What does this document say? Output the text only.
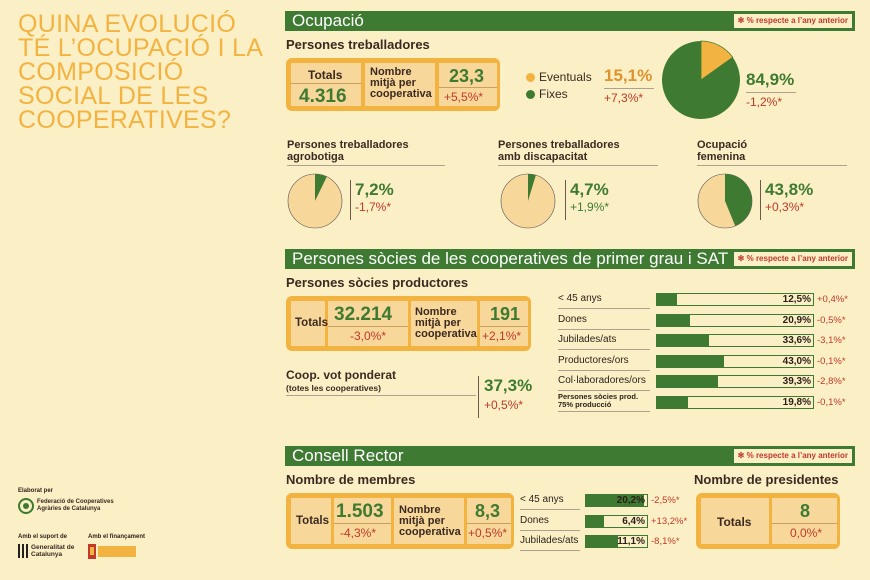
QUINA EVOLUCIÓ TÉ L’OCUPACIÓ I LA COMPOSICIÓ SOCIAL DE LES COOPERATIVES?
Ocupació	✻ % respecte a l’any anterior
Persones treballadores
Totals
4.316
Nombre mitjà per cooperativa
23,3
+5,5%*
Eventuals
Fixes
15,1%
+7,3%*
84,9%
-1,2%*
Persones treballadores agrobotiga
7,2%
-1,7%*
Persones treballadores amb discapacitat
4,7%
+1,9%*
Ocupació femenina
43,8%
+0,3%*
Persones sòcies de les cooperatives de primer grau i SAT	✻ % respecte a l’any anterior
Persones sòcies productores
Totals 32.214
-3,0%*
Nombre mitjà per cooperativa
191
+2,1%*
Coop. vot ponderat
(totes les cooperatives)	37,3%
+0,5%*
< 45 anys	12,5% +0,4%*
Dones	20,9% -0,5%*
Jubilades/ats	33,6% -3,1%*
Productores/ors	43,0% -0,1%*
Col·laboradores/ors	39,3% -2,8%*
Persones sòcies prod. 75% producció	19,8% -0,1%*
Consell Rector	✻ % respecte a l’any anterior
Nombre de membres
Totals 1.503
-4,3%*
Nombre mitjà per cooperativa
8,3
+0,5%*
< 45 anys	20,2% -2,5%*
Dones	6,4% +13,2%*
Jubilades/ats	11,1% -8,1%*
Nombre de presidentes
Totals
8
0,0%*
Elaborat per
Federació de Cooperatives Agràries de Catalunya
Amb el suport de
Generalitat de Catalunya
Amb el finançament
